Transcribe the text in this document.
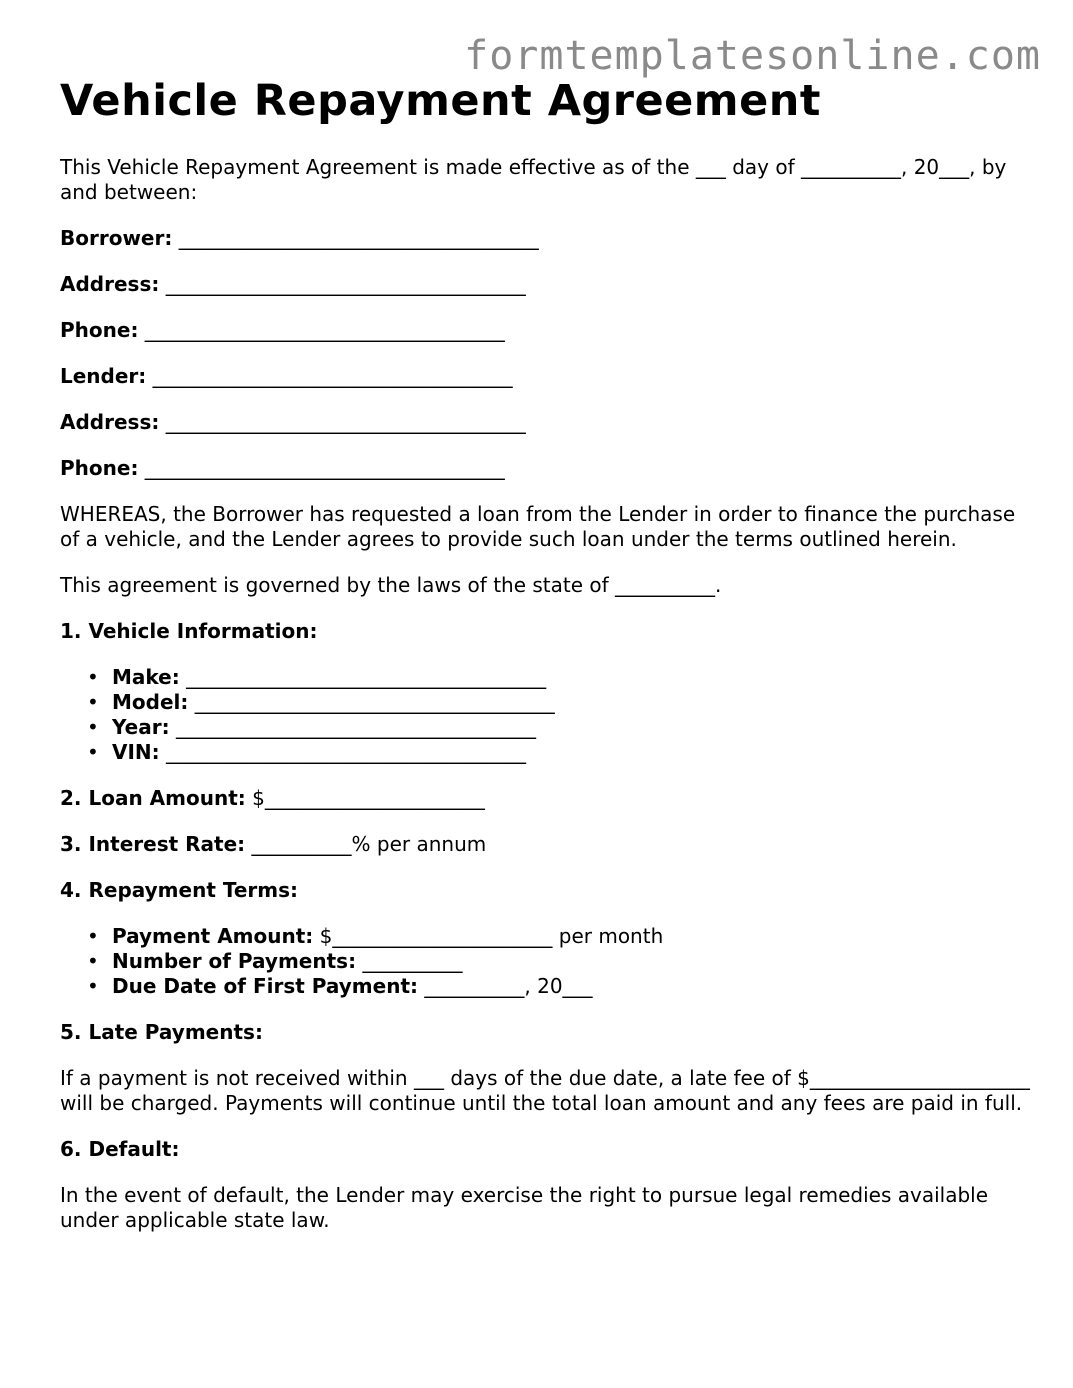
formtemplatesonline.com
Vehicle Repayment Agreement

This Vehicle Repayment Agreement is made effective as of the ___ day of __________, 20___, by and between:

Borrower: ____________________________________
Address: ____________________________________
Phone: ____________________________________
Lender: ____________________________________
Address: ____________________________________
Phone: ____________________________________

WHEREAS, the Borrower has requested a loan from the Lender in order to finance the purchase of a vehicle, and the Lender agrees to provide such loan under the terms outlined herein.

This agreement is governed by the laws of the state of __________.

1. Vehicle Information:
• Make: ____________________________________
• Model: ____________________________________
• Year: ____________________________________
• VIN: ____________________________________
2. Loan Amount: $______________________
3. Interest Rate: __________% per annum
4. Repayment Terms:
• Payment Amount: $______________________ per month
• Number of Payments: __________
• Due Date of First Payment: __________, 20___
5. Late Payments:

If a payment is not received within ___ days of the due date, a late fee of $______________________ will be charged. Payments will continue until the total loan amount and any fees are paid in full.

6. Default:

In the event of default, the Lender may exercise the right to pursue legal remedies available under applicable state law.
